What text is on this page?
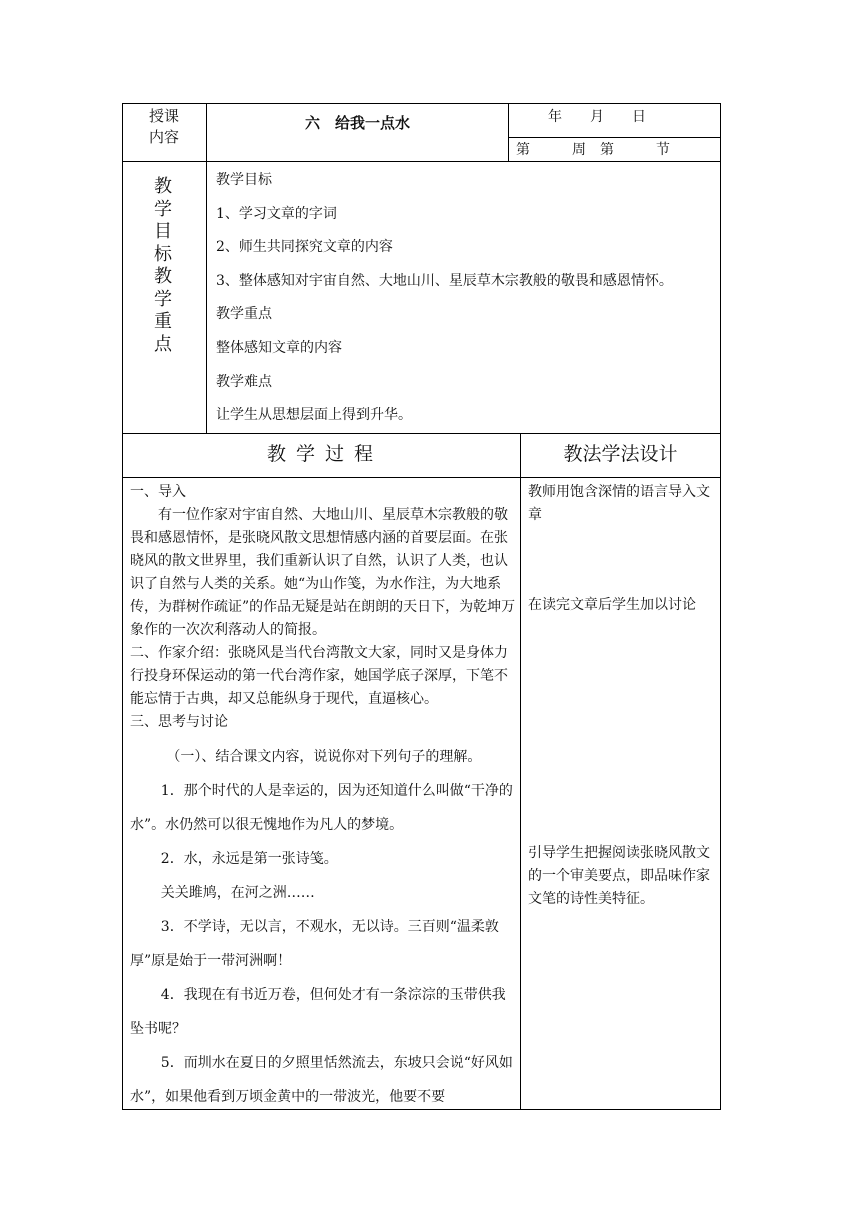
授课
内容
六　给我一点水	年　　月　　日
第　　　周　第　　　节
教
学
目
标
教
学
重
点
教学目标
1、学习文章的字词
2、师生共同探究文章的内容
3、整体感知对宇宙自然、大地山川、星辰草木宗教般的敬畏和感恩情怀。
教学重点
整体感知文章的内容
教学难点
让学生从思想层面上得到升华。
教 学 过 程	教法学法设计

一、导入

有一位作家对宇宙自然、大地山川、星辰草木宗教般的敬畏和感恩情怀，是张晓风散文思想情感内涵的首要层面。在张晓风的散文世界里，我们重新认识了自然，认识了人类，也认识了自然与人类的关系。她“为山作笺，为水作注，为大地系传，为群树作疏证”的作品无疑是站在朗朗的天日下，为乾坤万象作的一次次利落动人的简报。

二、作家介绍：张晓风是当代台湾散文大家，同时又是身体力行投身环保运动的第一代台湾作家，她国学底子深厚，下笔不能忘情于古典，却又总能纵身于现代，直逼核心。

三、思考与讨论

（一）、结合课文内容，说说你对下列句子的理解。

1．那个时代的人是幸运的，因为还知道什么叫做“干净的水”。水仍然可以很无愧地作为凡人的梦境。

2．水，永远是第一张诗笺。

关关雎鸠，在河之洲……

3．不学诗，无以言，不观水，无以诗。三百则“温柔敦厚”原是始于一带河洲啊！

4．我现在有书近万卷，但何处才有一条淙淙的玉带供我坠书呢？

5．而圳水在夏日的夕照里恬然流去，东坡只会说“好风如水”，如果他看到万顷金黄中的一带波光，他要不要

教师用饱含深情的语言导入文章
在读完文章后学生加以讨论
引导学生把握阅读张晓风散文的一个审美要点，即品味作家文笔的诗性美特征。
